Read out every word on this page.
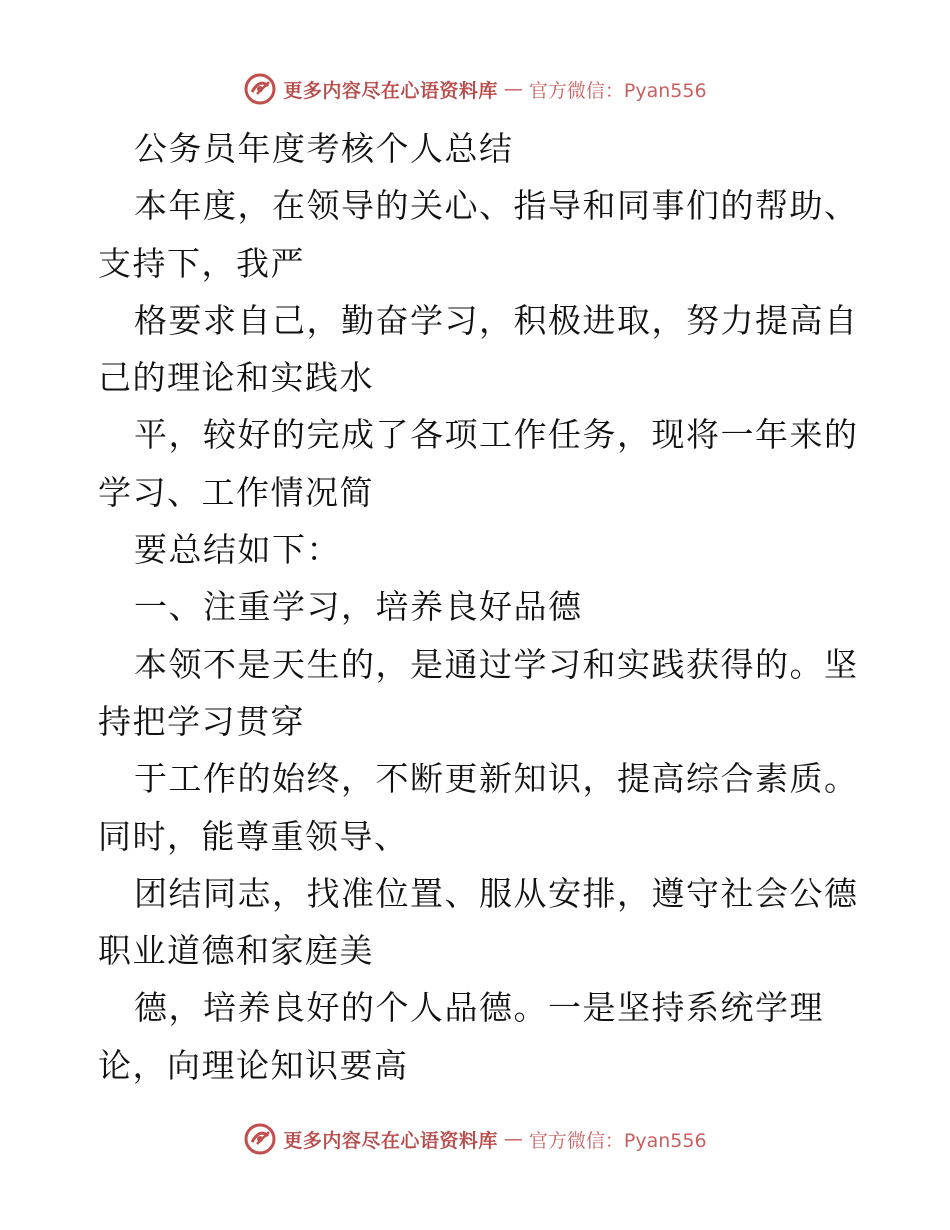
更多内容尽在心语资料库 — 官方微信：Pyan556

公务员年度考核个人总结

本年度，在领导的关心、指导和同事们的帮助、

支持下，我严

格要求自己，勤奋学习，积极进取，努力提高自

己的理论和实践水

平，较好的完成了各项工作任务，现将一年来的

学习、工作情况简

要总结如下：

一、注重学习，培养良好品德

本领不是天生的，是通过学习和实践获得的。坚

持把学习贯穿

于工作的始终，不断更新知识，提高综合素质。

同时，能尊重领导、

团结同志，找准位置、服从安排，遵守社会公德

职业道德和家庭美

德，培养良好的个人品德。一是坚持系统学理

论，向理论知识要高

更多内容尽在心语资料库 — 官方微信：Pyan556
